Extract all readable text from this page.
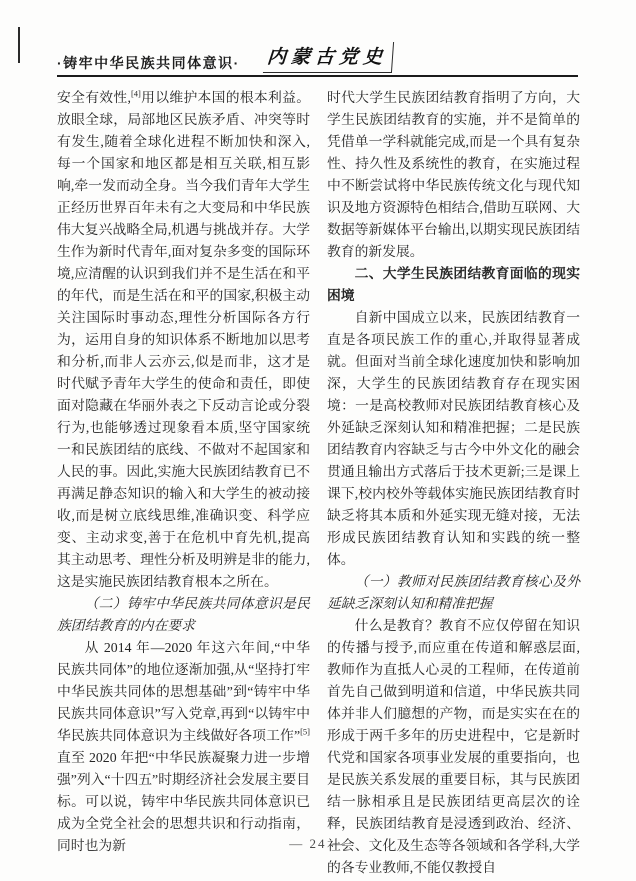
·铸牢中华民族共同体意识· 内蒙古党史

安全有效性,[4]用以维护本国的根本利益。放眼全球，局部地区民族矛盾、冲突等时有发生,随着全球化进程不断加快和深入,每一个国家和地区都是相互关联,相互影响,牵一发而动全身。当今我们青年大学生正经历世界百年未有之大变局和中华民族伟大复兴战略全局,机遇与挑战并存。大学生作为新时代青年,面对复杂多变的国际环境,应清醒的认识到我们并不是生活在和平的年代，而是生活在和平的国家,积极主动关注国际时事动态,理性分析国际各方行为，运用自身的知识体系不断地加以思考和分析,而非人云亦云,似是而非，这才是时代赋予青年大学生的使命和责任，即使面对隐藏在华丽外表之下反动言论或分裂行为,也能够透过现象看本质,坚守国家统一和民族团结的底线、不做对不起国家和人民的事。因此,实施大民族团结教育已不再满足静态知识的输入和大学生的被动接收,而是树立底线思维,准确识变、科学应变、主动求变,善于在危机中育先机,提高其主动思考、理性分析及明辨是非的能力,这是实施民族团结教育根本之所在。

（二）铸牢中华民族共同体意识是民族团结教育的内在要求

从 2014 年—2020 年这六年间,“中华民族共同体”的地位逐渐加强,从“坚持打牢中华民族共同体的思想基础”到“铸牢中华民族共同体意识”写入党章,再到“以铸牢中华民族共同体意识为主线做好各项工作”[5] 直至 2020 年把“中华民族凝聚力进一步增强”列入“十四五”时期经济社会发展主要目标。可以说，铸牢中华民族共同体意识已成为全党全社会的思想共识和行动指南，同时也为新

时代大学生民族团结教育指明了方向，大学生民族团结教育的实施，并不是简单的凭借单一学科就能完成,而是一个具有复杂性、持久性及系统性的教育，在实施过程中不断尝试将中华民族传统文化与现代知识及地方资源特色相结合,借助互联网、大数据等新媒体平台输出,以期实现民族团结教育的新发展。

二、大学生民族团结教育面临的现实困境

自新中国成立以来，民族团结教育一直是各项民族工作的重心,并取得显著成就。但面对当前全球化速度加快和影响加深，大学生的民族团结教育存在现实困境：一是高校教师对民族团结教育核心及外延缺乏深刻认知和精准把握；二是民族团结教育内容缺乏与古今中外文化的融会贯通且输出方式落后于技术更新;三是课上课下,校内校外等载体实施民族团结教育时缺乏将其本质和外延实现无缝对接，无法形成民族团结教育认知和实践的统一整体。

（一）教师对民族团结教育核心及外延缺乏深刻认知和精准把握

什么是教育？教育不应仅停留在知识的传播与授予,而应重在传道和解惑层面,教师作为直抵人心灵的工程师，在传道前首先自己做到明道和信道，中华民族共同体并非人们臆想的产物，而是实实在在的形成于两千多年的历史进程中，它是新时代党和国家各项事业发展的重要指向，也是民族关系发展的重要目标，其与民族团结一脉相承且是民族团结更高层次的诠释，民族团结教育是浸透到政治、经济、社会、文化及生态等各领域和各学科,大学的各专业教师,不能仅教授自

— 24 —
